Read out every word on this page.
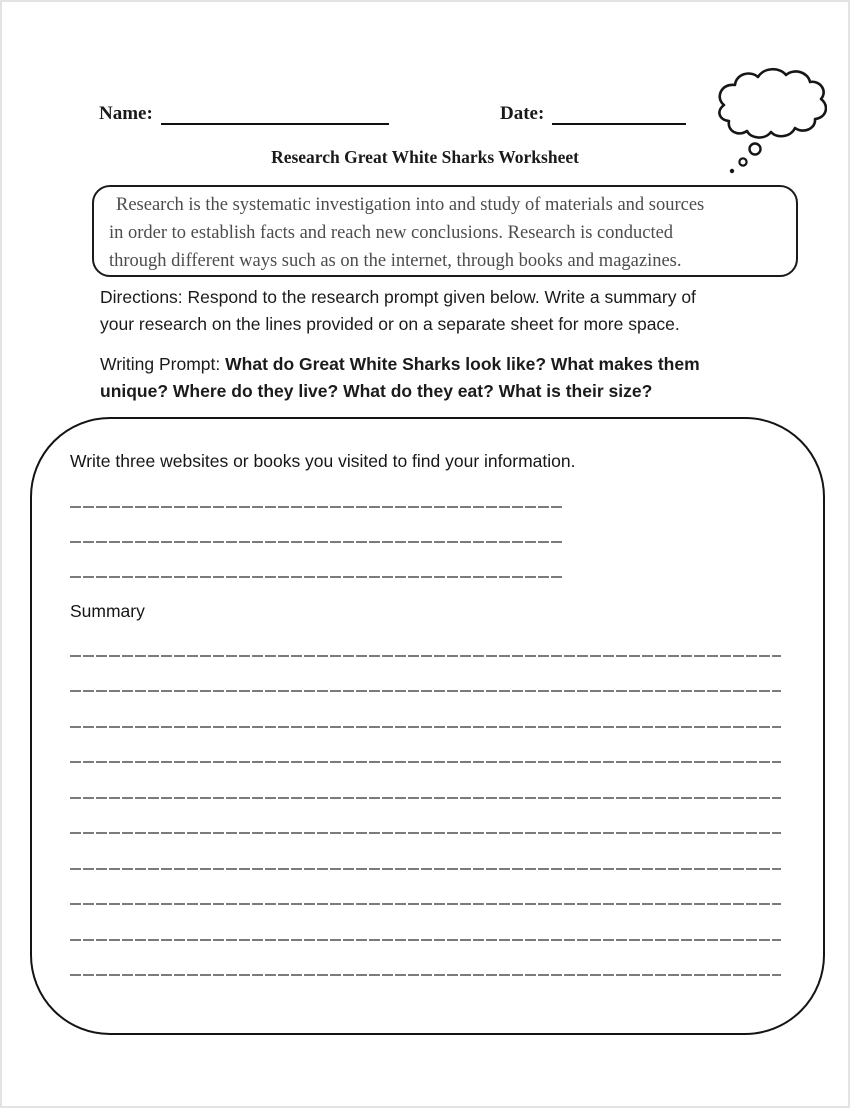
Name:	Date:
Research Great White Sharks Worksheet
Research is the systematic investigation into and study of materials and sources
in order to establish facts and reach new conclusions. Research is conducted
through different ways such as on the internet, through books and magazines.
Directions: Respond to the research prompt given below. Write a summary of
your research on the lines provided or on a separate sheet for more space.
Writing Prompt: What do Great White Sharks look like? What makes them
unique? Where do they live? What do they eat? What is their size?
Write three websites or books you visited to find your information.
Summary
